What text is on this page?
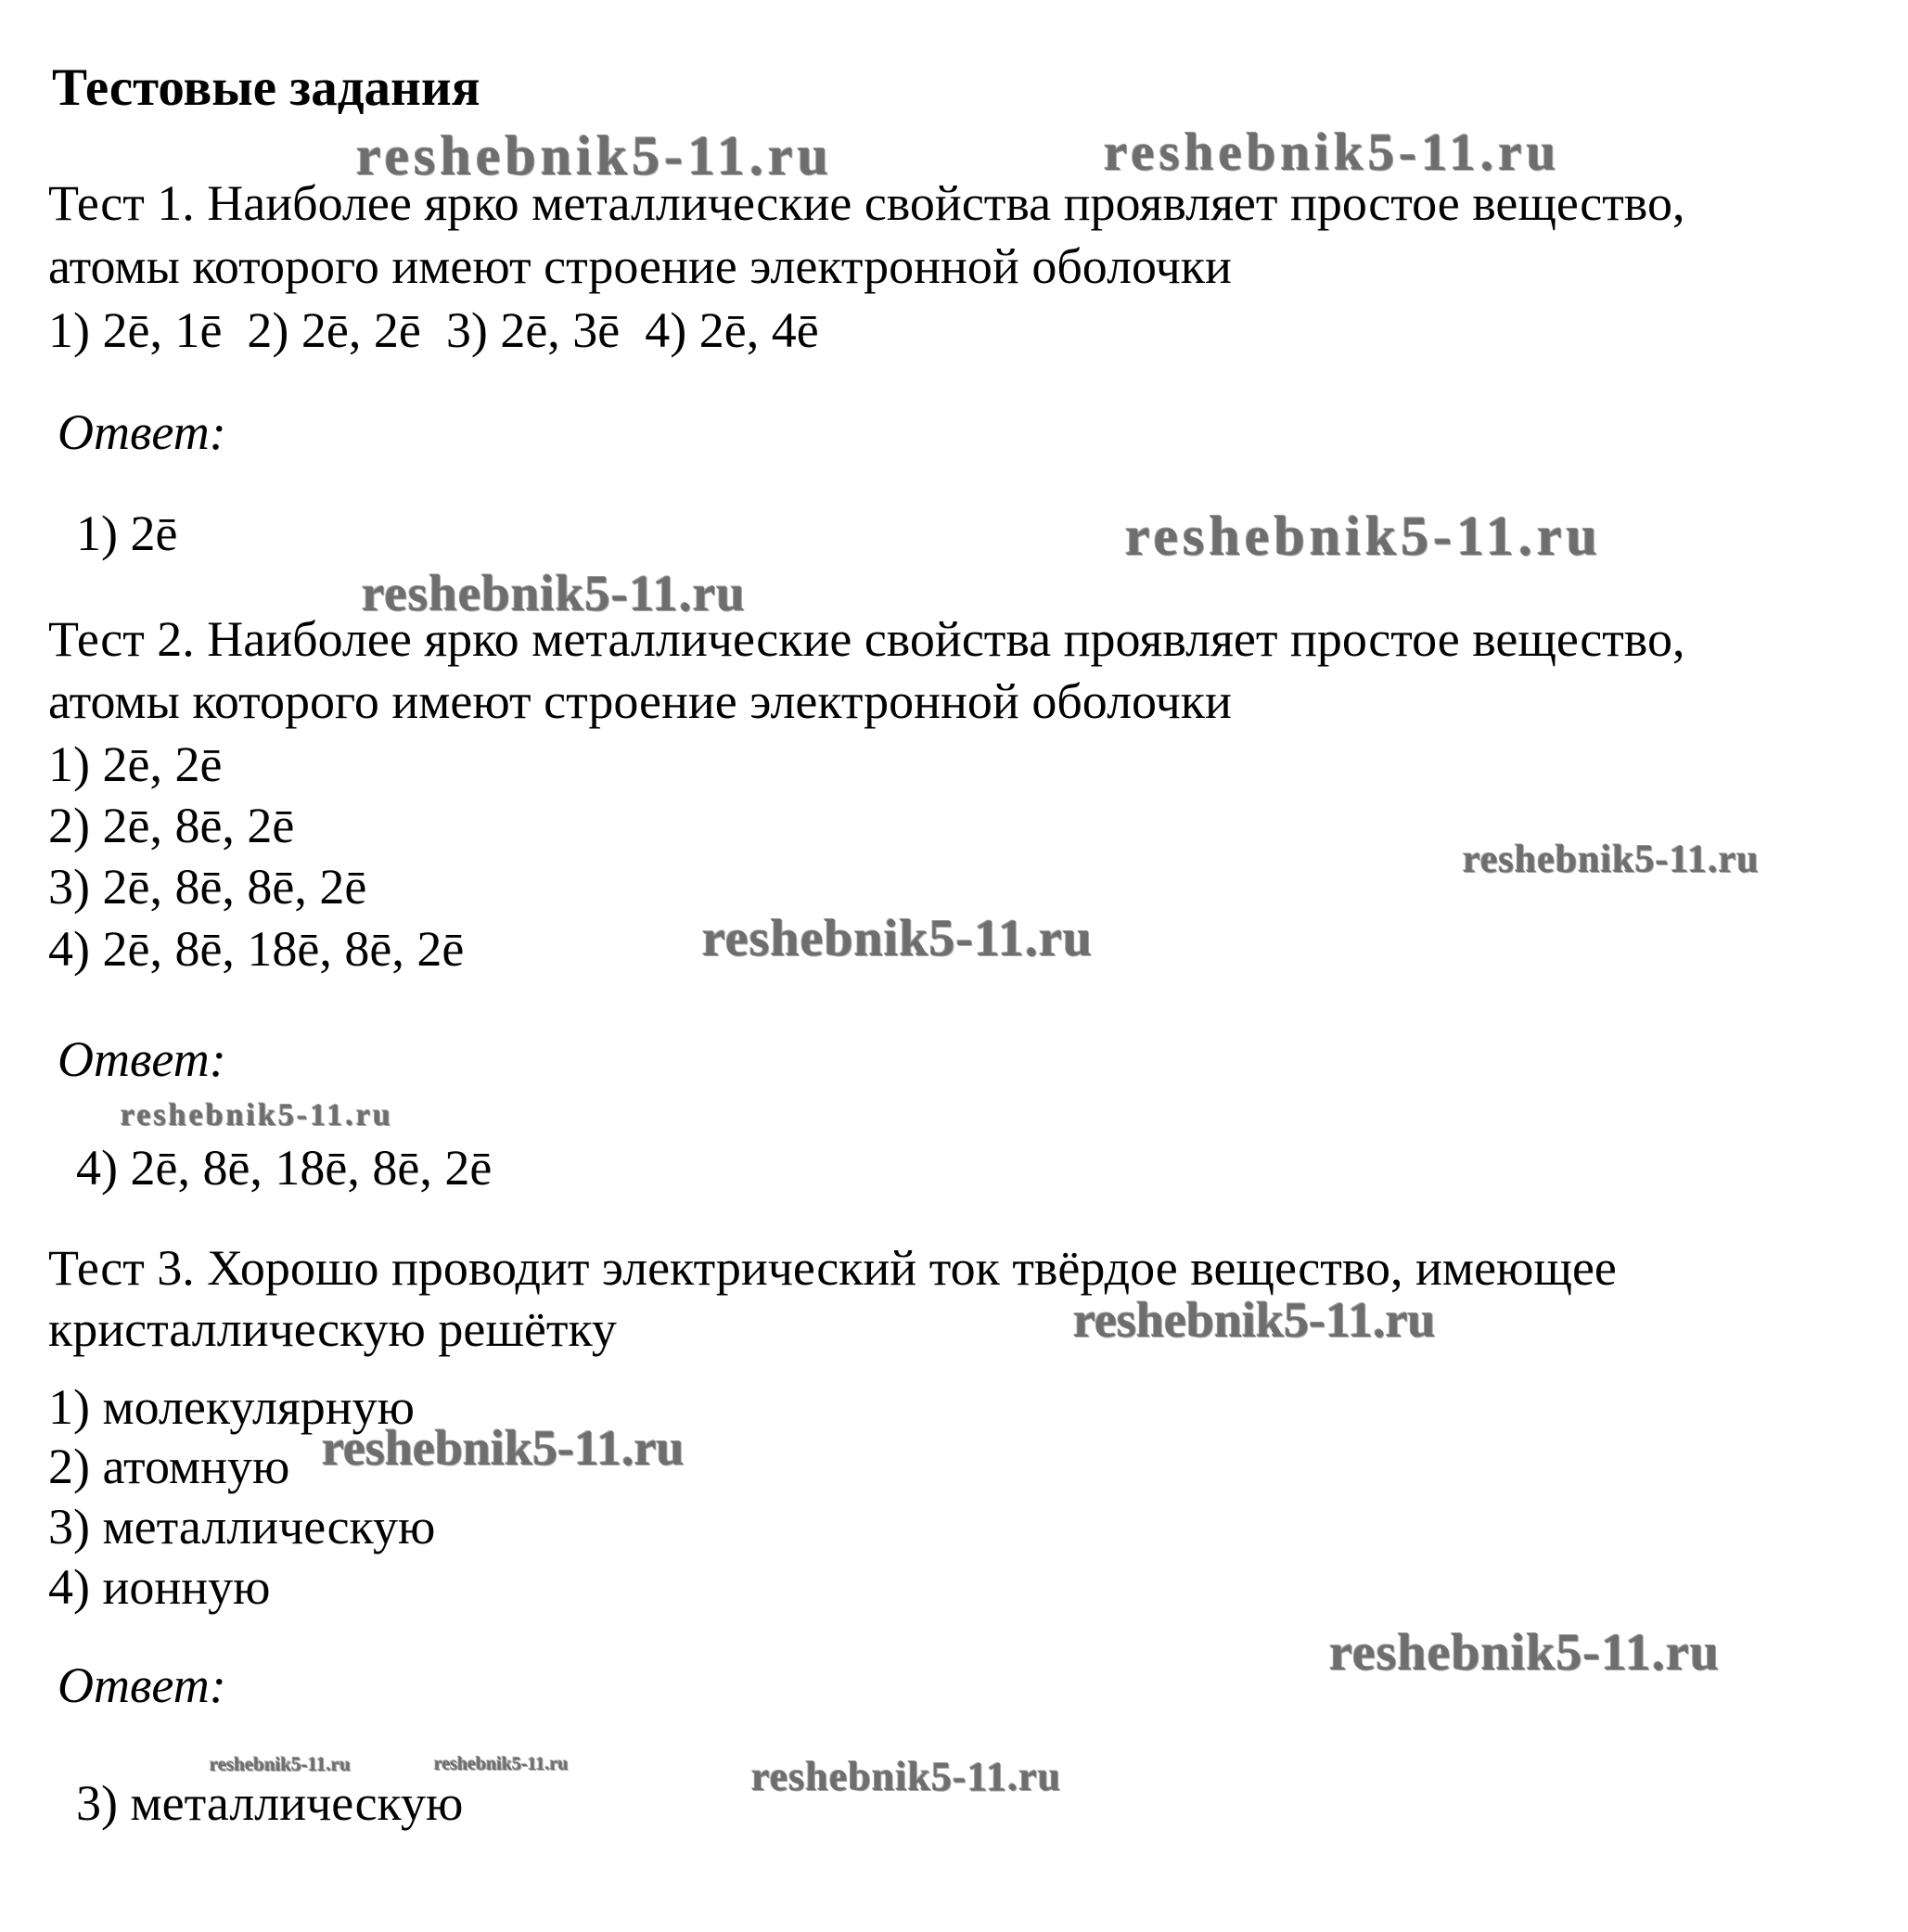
reshebnik5-11.ru	reshebnik5-11.ru
reshebnik5-11.ru
reshebnik5-11.ru
reshebnik5-11.ru
reshebnik5-11.ru
reshebnik5-11.ru
reshebnik5-11.ru
reshebnik5-11.ru
reshebnik5-11.ru
reshebnik5-11.ru	reshebnik5-11.ru	reshebnik5-11.ru
Тестовые задания
Тест 1. Наиболее ярко металлические свойства проявляет простое вещество,
атомы которого имеют строение электронной оболочки
1) 2ē, 1ē  2) 2ē, 2ē  3) 2ē, 3ē  4) 2ē, 4ē
Ответ:
1) 2ē
Тест 2. Наиболее ярко металлические свойства проявляет простое вещество,
атомы которого имеют строение электронной оболочки
1) 2ē, 2ē
2) 2ē, 8ē, 2ē
3) 2ē, 8ē, 8ē, 2ē
4) 2ē, 8ē, 18ē, 8ē, 2ē
Ответ:
4) 2ē, 8ē, 18ē, 8ē, 2ē
Тест 3. Хорошо проводит электрический ток твёрдое вещество, имеющее
кристаллическую решётку
1) молекулярную
2) атомную
3) металлическую
4) ионную
Ответ:
3) металлическую
